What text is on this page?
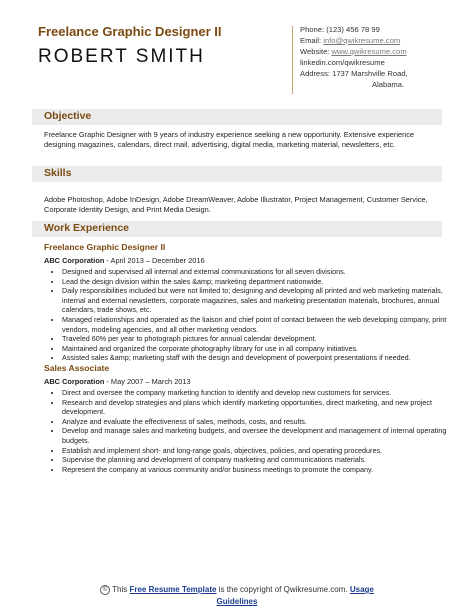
Freelance Graphic Designer II
ROBERT SMITH
Phone: (123) 456 78 99
Email: info@qwikresume.com
Website: www.qwikresume.com
linkedin.com/qwikresume
Address: 1737 Marshville Road,
Alabama.
Objective
Freelance Graphic Designer with 9 years of industry experience seeking a new opportunity. Extensive experience designing magazines, calendars, direct mail, advertising, digital media, marketing material, newsletters, etc.
Skills
Adobe Photoshop, Adobe InDesign, Adobe DreamWeaver, Adobe Illustrator, Project Management, Customer Service, Corporate Identity Design, and Print Media Design.
Work Experience
Freelance Graphic Designer II
ABC Corporation - April 2013 – December 2016
• Designed and supervised all internal and external communications for all seven divisions.
• Lead the design division within the sales &amp; marketing department nationwide.
• Daily responsibilities included but were not limited to; designing and developing all printed and web marketing materials, internal and external newsletters, corporate magazines, sales and marketing presentation materials, brochures, annual calendars, trade shows, etc.
• Managed relationships and operated as the liaison and chief point of contact between the web developing company, print vendors, modeling agencies, and all other marketing vendors.
• Traveled 60% per year to photograph pictures for annual calendar development.
• Maintained and organized the corporate photography library for use in all company initiatives.
• Assisted sales &amp; marketing staff with the design and development of powerpoint presentations if needed.
Sales Associate
ABC Corporation - May 2007 – March 2013
• Direct and oversee the company marketing function to identify and develop new customers for services.
• Research and develop strategies and plans which identify marketing opportunities, direct marketing, and new project development.
• Analyze and evaluate the effectiveness of sales, methods, costs, and results.
• Develop and manage sales and marketing budgets, and oversee the development and management of internal operating budgets.
• Establish and implement short- and long-range goals, objectives, policies, and operating procedures.
• Supervise the planning and development of company marketing and communications materials.
• Represent the company at various community and/or business meetings to promote the company.
© This Free Resume Template is the copyright of Qwikresume.com. Usage
Guidelines
